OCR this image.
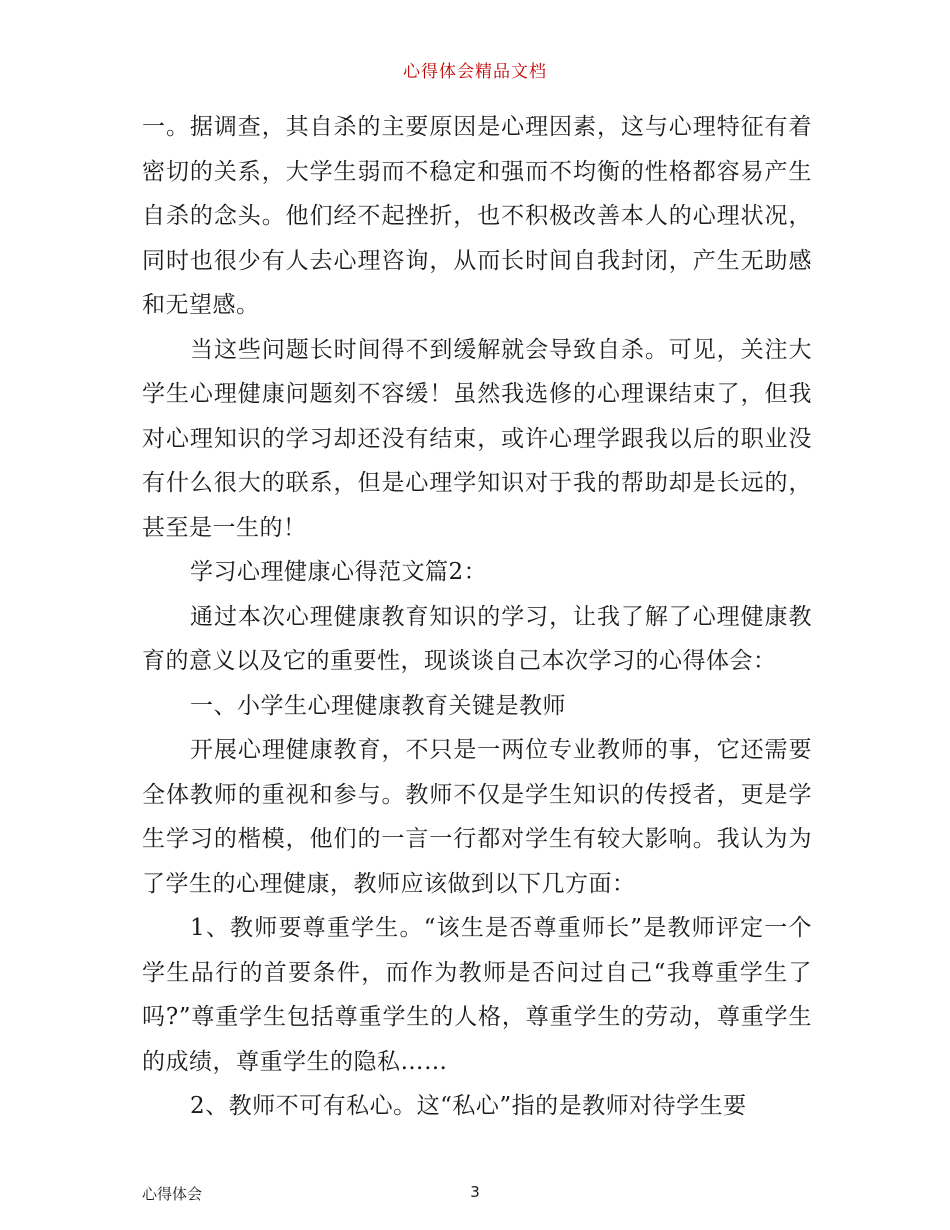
心得体会精品文档

一。据调查，其自杀的主要原因是心理因素，这与心理特征有着密切的关系，大学生弱而不稳定和强而不均衡的性格都容易产生自杀的念头。他们经不起挫折，也不积极改善本人的心理状况，同时也很少有人去心理咨询，从而长时间自我封闭，产生无助感和无望感。

当这些问题长时间得不到缓解就会导致自杀。可见，关注大学生心理健康问题刻不容缓！虽然我选修的心理课结束了，但我对心理知识的学习却还没有结束，或许心理学跟我以后的职业没有什么很大的联系，但是心理学知识对于我的帮助却是长远的，甚至是一生的！

学习心理健康心得范文篇2：

通过本次心理健康教育知识的学习，让我了解了心理健康教育的意义以及它的重要性，现谈谈自己本次学习的心得体会：

一、小学生心理健康教育关键是教师

开展心理健康教育，不只是一两位专业教师的事，它还需要全体教师的重视和参与。教师不仅是学生知识的传授者，更是学生学习的楷模，他们的一言一行都对学生有较大影响。我认为为了学生的心理健康，教师应该做到以下几方面：

1、教师要尊重学生。“该生是否尊重师长”是教师评定一个学生品行的首要条件，而作为教师是否问过自己“我尊重学生了吗?”尊重学生包括尊重学生的人格，尊重学生的劳动，尊重学生的成绩，尊重学生的隐私……

2、教师不可有私心。这“私心”指的是教师对待学生要

心得体会	3
